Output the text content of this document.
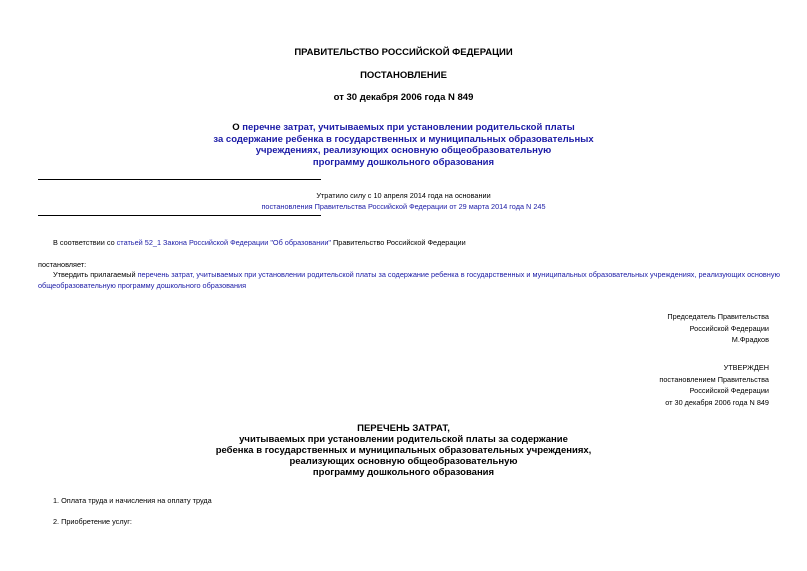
ПРАВИТЕЛЬСТВО РОССИЙСКОЙ ФЕДЕРАЦИИ
ПОСТАНОВЛЕНИЕ
от 30 декабря 2006 года N 849
О перечне затрат, учитываемых при установлении родительской платы
за содержание ребенка в государственных и муниципальных образовательных
учреждениях, реализующих основную общеобразовательную
программу дошкольного образования
Утратило силу с 10 апреля 2014 года на основании
постановления Правительства Российской Федерации от 29 марта 2014 года N 245
В соответствии со статьей 52_1 Закона Российской Федерации "Об образовании" Правительство Российской Федерации
постановляет:
Утвердить прилагаемый перечень затрат, учитываемых при установлении родительской платы за содержание ребенка в государственных и муниципальных образовательных учреждениях, реализующих основную
общеобразовательную программу дошкольного образования
Председатель Правительства
Российской Федерации
М.Фрадков
УТВЕРЖДЕН
постановлением Правительства
Российской Федерации
от 30 декабря 2006 года N 849
ПЕРЕЧЕНЬ ЗАТРАТ,
учитываемых при установлении родительской платы за содержание
ребенка в государственных и муниципальных образовательных учреждениях,
реализующих основную общеобразовательную
программу дошкольного образования
1. Оплата труда и начисления на оплату труда
2. Приобретение услуг:
